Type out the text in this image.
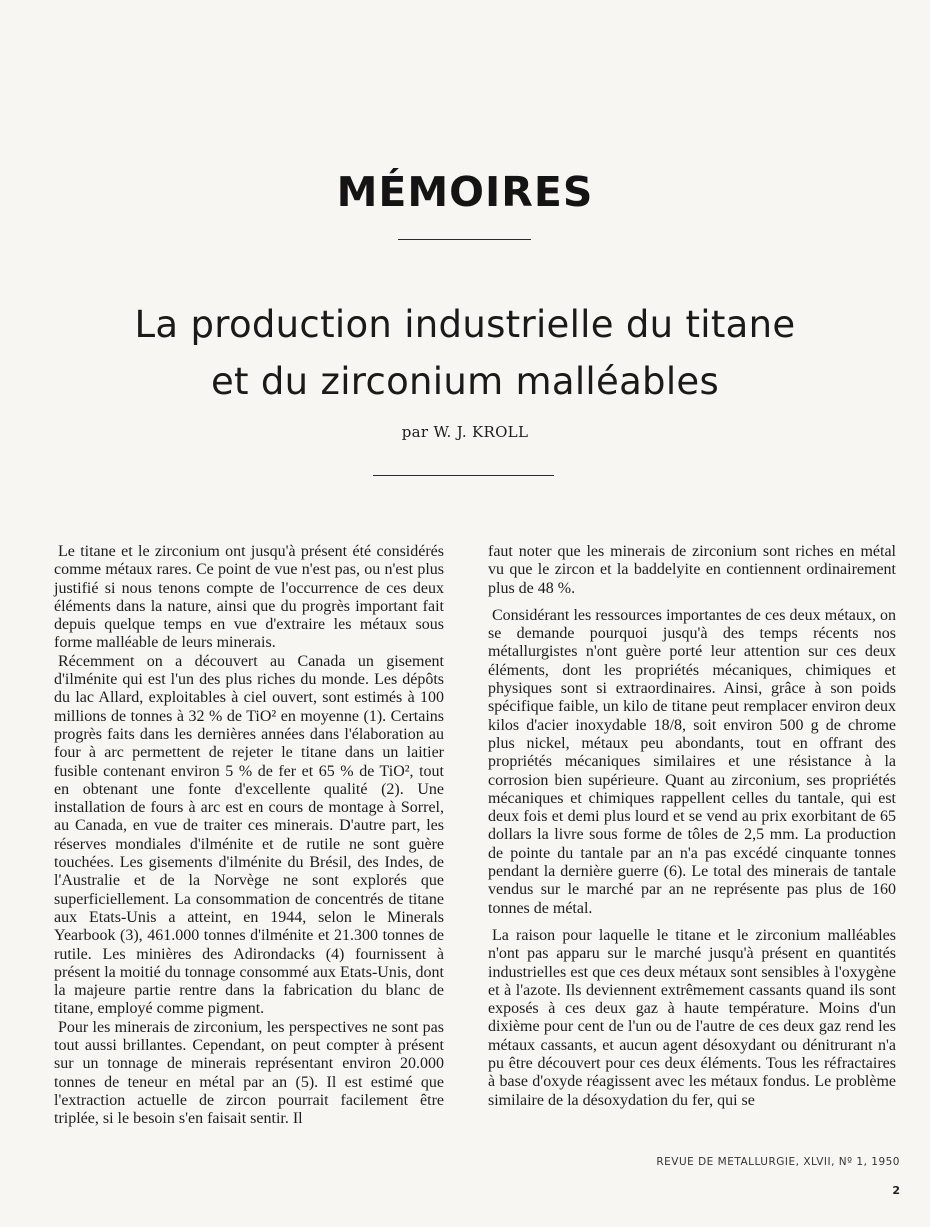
MÉMOIRES
La production industrielle du titane
et du zirconium malléables
par W. J. KROLL

Le titane et le zirconium ont jusqu'à présent été considérés comme métaux rares. Ce point de vue n'est pas, ou n'est plus justifié si nous tenons compte de l'occurrence de ces deux éléments dans la nature, ainsi que du progrès important fait depuis quelque temps en vue d'extraire les métaux sous forme malléable de leurs minerais.

Récemment on a découvert au Canada un gisement d'ilménite qui est l'un des plus riches du monde. Les dépôts du lac Allard, exploitables à ciel ouvert, sont estimés à 100 millions de tonnes à 32 % de TiO² en moyenne (1). Certains progrès faits dans les dernières années dans l'élaboration au four à arc permettent de rejeter le titane dans un laitier fusible contenant environ 5 % de fer et 65 % de TiO², tout en obtenant une fonte d'excellente qualité (2). Une installation de fours à arc est en cours de montage à Sorrel, au Canada, en vue de traiter ces minerais. D'autre part, les réserves mondiales d'ilménite et de rutile ne sont guère touchées. Les gisements d'ilménite du Brésil, des Indes, de l'Australie et de la Norvège ne sont explorés que superficiellement. La consommation de concentrés de titane aux Etats-Unis a atteint, en 1944, selon le Minerals Yearbook (3), 461.000 tonnes d'ilménite et 21.300 tonnes de rutile. Les minières des Adirondacks (4) fournissent à présent la moitié du tonnage consommé aux Etats-Unis, dont la majeure partie rentre dans la fabrication du blanc de titane, employé comme pigment.

Pour les minerais de zirconium, les perspectives ne sont pas tout aussi brillantes. Cependant, on peut compter à présent sur un tonnage de minerais représentant environ 20.000 tonnes de teneur en métal par an (5). Il est estimé que l'extraction actuelle de zircon pourrait facilement être triplée, si le besoin s'en faisait sentir. Il

faut noter que les minerais de zirconium sont riches en métal vu que le zircon et la baddelyite en contiennent ordinairement plus de 48 %.

Considérant les ressources importantes de ces deux métaux, on se demande pourquoi jusqu'à des temps récents nos métallurgistes n'ont guère porté leur attention sur ces deux éléments, dont les propriétés mécaniques, chimiques et physiques sont si extraordinaires. Ainsi, grâce à son poids spécifique faible, un kilo de titane peut remplacer environ deux kilos d'acier inoxydable 18/8, soit environ 500 g de chrome plus nickel, métaux peu abondants, tout en offrant des propriétés mécaniques similaires et une résistance à la corrosion bien supérieure. Quant au zirconium, ses propriétés mécaniques et chimiques rappellent celles du tantale, qui est deux fois et demi plus lourd et se vend au prix exorbitant de 65 dollars la livre sous forme de tôles de 2,5 mm. La production de pointe du tantale par an n'a pas excédé cinquante tonnes pendant la dernière guerre (6). Le total des minerais de tantale vendus sur le marché par an ne représente pas plus de 160 tonnes de métal.

La raison pour laquelle le titane et le zirconium malléables n'ont pas apparu sur le marché jusqu'à présent en quantités industrielles est que ces deux métaux sont sensibles à l'oxygène et à l'azote. Ils deviennent extrêmement cassants quand ils sont exposés à ces deux gaz à haute température. Moins d'un dixième pour cent de l'un ou de l'autre de ces deux gaz rend les métaux cassants, et aucun agent désoxydant ou dénitrurant n'a pu être découvert pour ces deux éléments. Tous les réfractaires à base d'oxyde réagissent avec les métaux fondus. Le problème similaire de la désoxydation du fer, qui se

REVUE DE METALLURGIE, XLVII, Nº 1, 1950
2
